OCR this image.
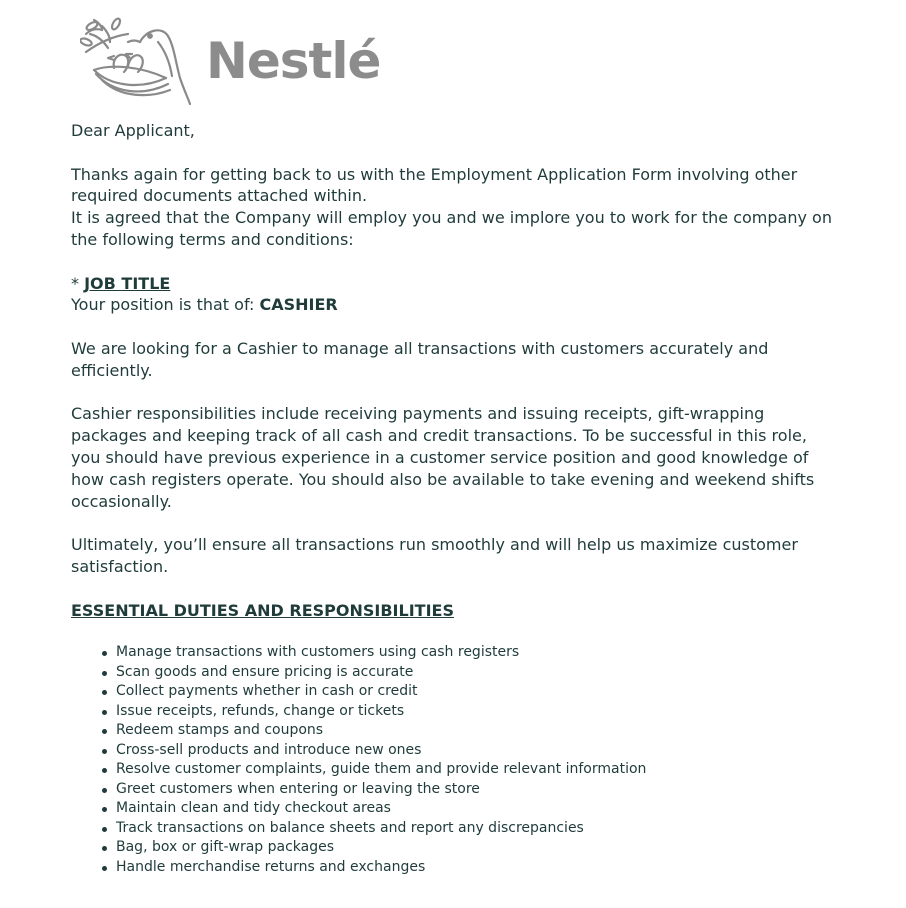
Nestlé

Dear Applicant,

Thanks again for getting back to us with the Employment Application Form involving other required documents attached within.
It is agreed that the Company will employ you and we implore you to work for the company on the following terms and conditions:

* JOB TITLE
Your position is that of: CASHIER

We are looking for a Cashier to manage all transactions with customers accurately and efficiently.

Cashier responsibilities include receiving payments and issuing receipts, gift-wrapping packages and keeping track of all cash and credit transactions. To be successful in this role, you should have previous experience in a customer service position and good knowledge of how cash registers operate. You should also be available to take evening and weekend shifts occasionally.

Ultimately, you’ll ensure all transactions run smoothly and will help us maximize customer satisfaction.

ESSENTIAL DUTIES AND RESPONSIBILITIES

Manage transactions with customers using cash registers
Scan goods and ensure pricing is accurate
Collect payments whether in cash or credit
Issue receipts, refunds, change or tickets
Redeem stamps and coupons
Cross-sell products and introduce new ones
Resolve customer complaints, guide them and provide relevant information
Greet customers when entering or leaving the store
Maintain clean and tidy checkout areas
Track transactions on balance sheets and report any discrepancies
Bag, box or gift-wrap packages
Handle merchandise returns and exchanges
